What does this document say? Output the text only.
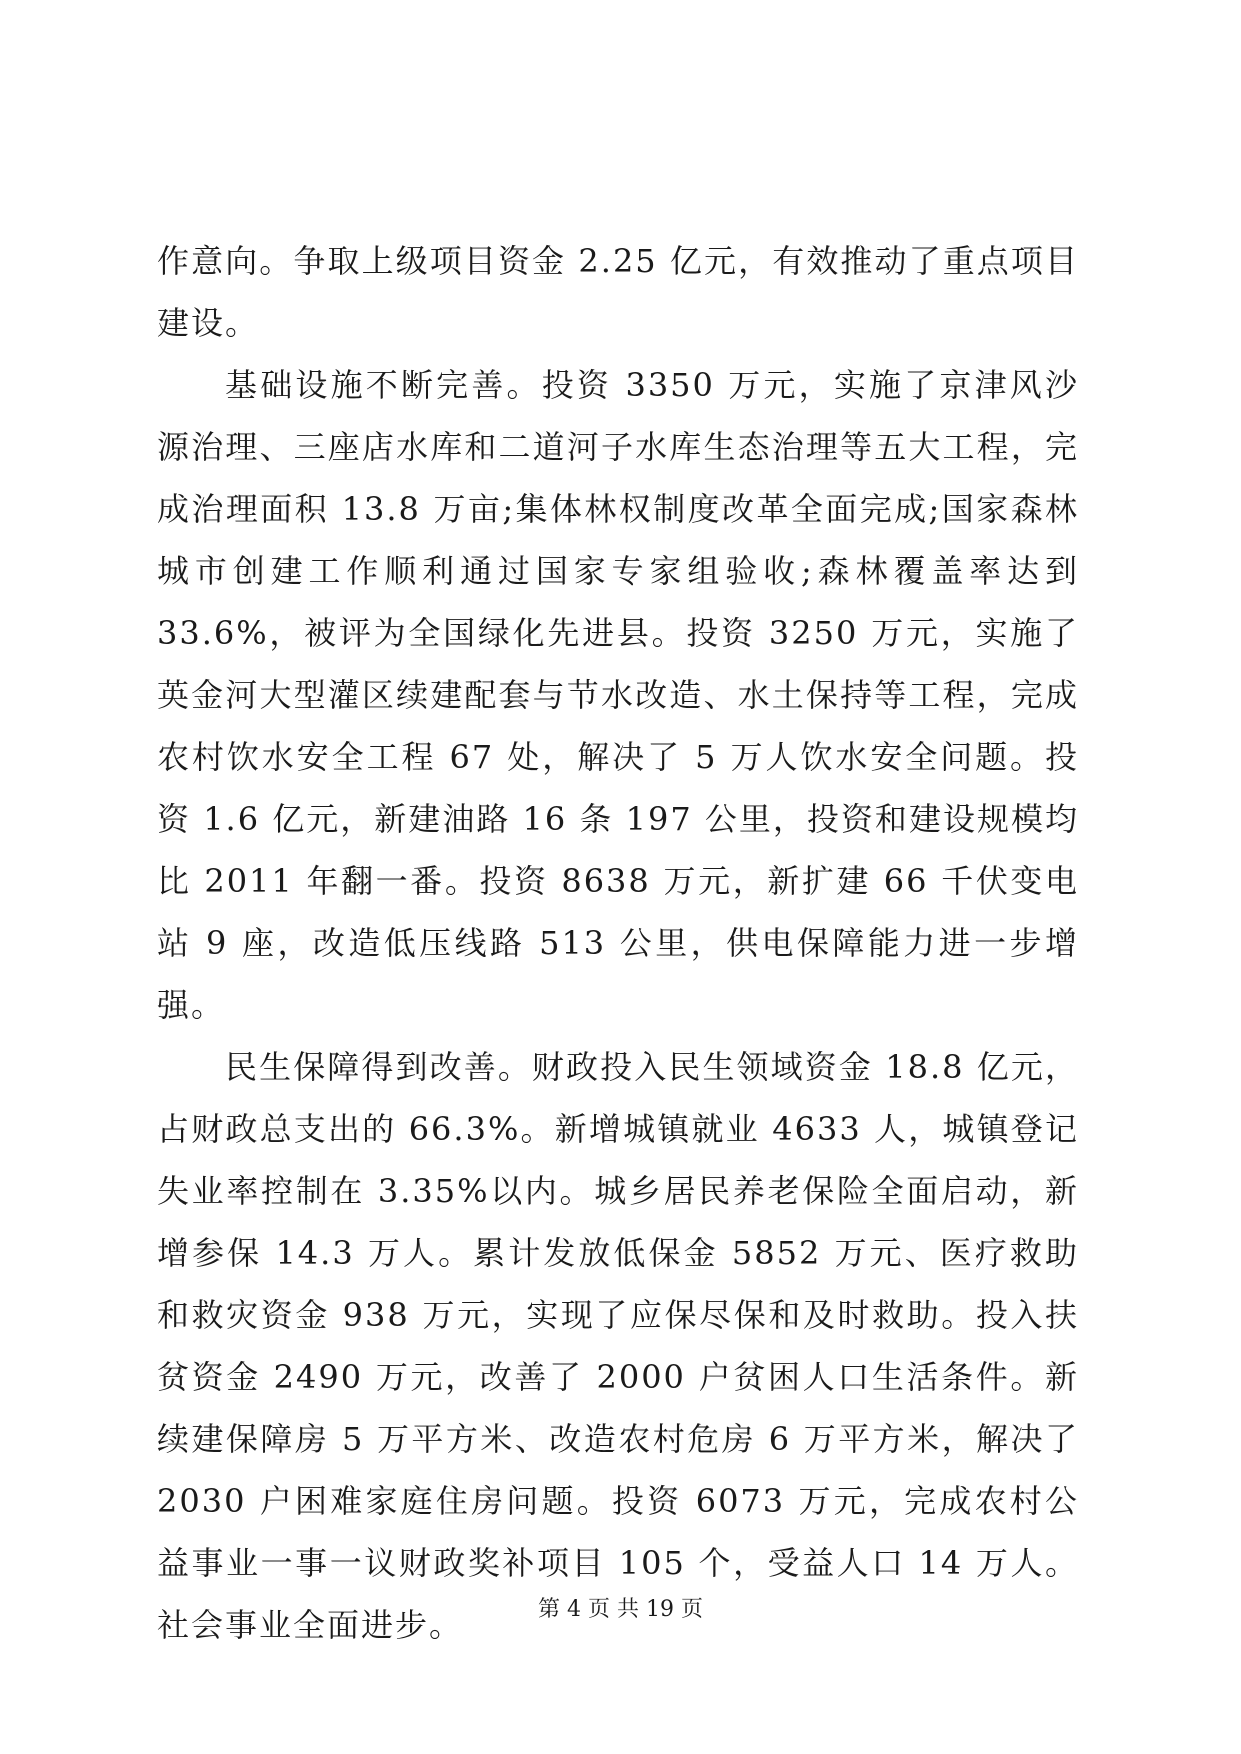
作意向。争取上级项目资金 2.25 亿元，有效推动了重点项目建设。

基础设施不断完善。投资 3350 万元，实施了京津风沙源治理、三座店水库和二道河子水库生态治理等五大工程，完成治理面积 13.8 万亩;集体林权制度改革全面完成;国家森林城市创建工作顺利通过国家专家组验收;森林覆盖率达到 33.6%，被评为全国绿化先进县。投资 3250 万元，实施了英金河大型灌区续建配套与节水改造、水土保持等工程，完成农村饮水安全工程 67 处，解决了 5 万人饮水安全问题。投资 1.6 亿元，新建油路 16 条 197 公里，投资和建设规模均比 2011 年翻一番。投资 8638 万元，新扩建 66 千伏变电站 9 座，改造低压线路 513 公里，供电保障能力进一步增强。

民生保障得到改善。财政投入民生领域资金 18.8 亿元，占财政总支出的 66.3%。新增城镇就业 4633 人，城镇登记失业率控制在 3.35%以内。城乡居民养老保险全面启动，新增参保 14.3 万人。累计发放低保金 5852 万元、医疗救助和救灾资金 938 万元，实现了应保尽保和及时救助。投入扶贫资金 2490 万元，改善了 2000 户贫困人口生活条件。新续建保障房 5 万平方米、改造农村危房 6 万平方米，解决了 2030 户困难家庭住房问题。投资 6073 万元，完成农村公益事业一事一议财政奖补项目 105 个，受益人口 14 万人。社会事业全面进步。	第 4 页 共 19 页
